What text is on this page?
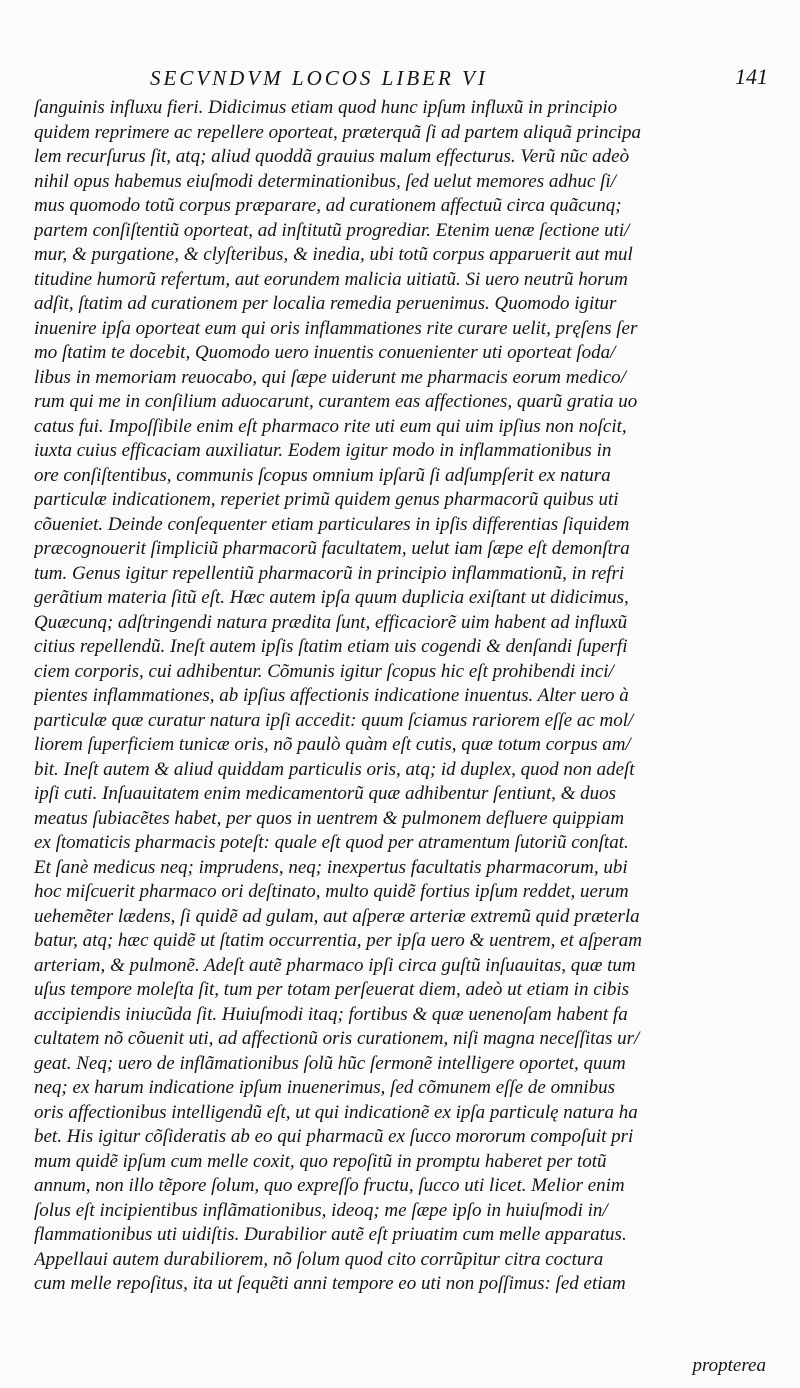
SECVNDVM LOCOS LIBER VI	141
ſanguinis influxu fieri. Didicimus etiam quod hunc ipſum influxũ in principio
quidem reprimere ac repellere oporteat, prӕterquã ſi ad partem aliquã principa
lem recurſurus ſit, atq; aliud quoddã grauius malum effecturus. Verũ nũc adeò
nihil opus habemus eiuſmodi determinationibus, ſed uelut memores adhuc ſi/
mus quomodo totũ corpus prӕparare, ad curationem affectuũ circa quãcunq;
partem conſiſtentiũ oporteat, ad inſtitutũ progrediar. Etenim uenӕ ſectione uti/
mur, & purgatione, & clyſteribus, & inedia, ubi totũ corpus apparuerit aut mul
titudine humorũ refertum, aut eorundem malicia uitiatũ. Si uero neutrũ horum
adſit, ſtatim ad curationem per localia remedia peruenimus. Quomodo igitur
inuenire ipſa oporteat eum qui oris inflammationes rite curare uelit, pręſens ſer
mo ſtatim te docebit, Quomodo uero inuentis conuenienter uti oporteat ſoda/
libus in memoriam reuocabo, qui ſӕpe uiderunt me pharmacis eorum medico/
rum qui me in conſilium aduocarunt, curantem eas affectiones, quarũ gratia uo
catus fui. Impoſſibile enim eſt pharmaco rite uti eum qui uim ipſius non noſcit,
iuxta cuius efficaciam auxiliatur. Eodem igitur modo in inflammationibus in
ore conſiſtentibus, communis ſcopus omnium ipſarũ ſi adſumpſerit ex natura
particulӕ indicationem, reperiet primũ quidem genus pharmacorũ quibus uti
cõueniet. Deinde conſequenter etiam particulares in ipſis differentias ſiquidem
prӕcognouerit ſimpliciũ pharmacorũ facultatem, uelut iam ſӕpe eſt demonſtra
tum. Genus igitur repellentiũ pharmacorũ in principio inflammationũ, in refri
gerãtium materia ſitũ eſt. Hӕc autem ipſa quum duplicia exiſtant ut didicimus,
Quӕcunq; adſtringendi natura prӕdita ſunt, efficaciorẽ uim habent ad influxũ
citius repellendũ. Ineſt autem ipſis ſtatim etiam uis cogendi & denſandi ſuperfi
ciem corporis, cui adhibentur. Cõmunis igitur ſcopus hic eſt prohibendi inci/
pientes inflammationes, ab ipſius affectionis indicatione inuentus. Alter uero à
particulӕ quӕ curatur natura ipſi accedit: quum ſciamus rariorem eſſe ac mol/
liorem ſuperficiem tunicӕ oris, nõ paulò quàm eſt cutis, quӕ totum corpus am/
bit. Ineſt autem & aliud quiddam particulis oris, atq; id duplex, quod non adeſt
ipſi cuti. Inſuauitatem enim medicamentorũ quӕ adhibentur ſentiunt, & duos
meatus ſubiacẽtes habet, per quos in uentrem & pulmonem defluere quippiam
ex ſtomaticis pharmacis poteſt: quale eſt quod per atramentum ſutoriũ conſtat.
Et ſanè medicus neq; imprudens, neq; inexpertus facultatis pharmacorum, ubi
hoc miſcuerit pharmaco ori deſtinato, multo quidẽ fortius ipſum reddet, uerum
uehemẽter lӕdens, ſi quidẽ ad gulam, aut aſperӕ arteriӕ extremũ quid prӕterla
batur, atq; hӕc quidẽ ut ſtatim occurrentia, per ipſa uero & uentrem, et aſperam
arteriam, & pulmonẽ. Adeſt autẽ pharmaco ipſi circa guſtũ inſuauitas, quӕ tum
uſus tempore moleſta ſit, tum per totam perſeuerat diem, adeò ut etiam in cibis
accipiendis iniucũda ſit. Huiuſmodi itaq; fortibus & quӕ uenenoſam habent fa
cultatem nõ cõuenit uti, ad affectionũ oris curationem, niſi magna neceſſitas ur/
geat. Neq; uero de inflãmationibus ſolũ hũc ſermonẽ intelligere oportet, quum
neq; ex harum indicatione ipſum inuenerimus, ſed cõmunem eſſe de omnibus
oris affectionibus intelligendũ eſt, ut qui indicationẽ ex ipſa particulę natura ha
bet. His igitur cõſideratis ab eo qui pharmacũ ex ſucco mororum compoſuit pri
mum quidẽ ipſum cum melle coxit, quo repoſitũ in promptu haberet per totũ
annum, non illo tẽpore ſolum, quo expreſſo fructu, ſucco uti licet. Melior enim
ſolus eſt incipientibus inflãmationibus, ideoq; me ſӕpe ipſo in huiuſmodi in/
flammationibus uti uidiſtis. Durabilior autẽ eſt priuatim cum melle apparatus.
Appellaui autem durabiliorem, nõ ſolum quod cito corrũpitur citra coctura
cum melle repoſitus, ita ut ſequẽti anni tempore eo uti non poſſimus: ſed etiam
propterea
